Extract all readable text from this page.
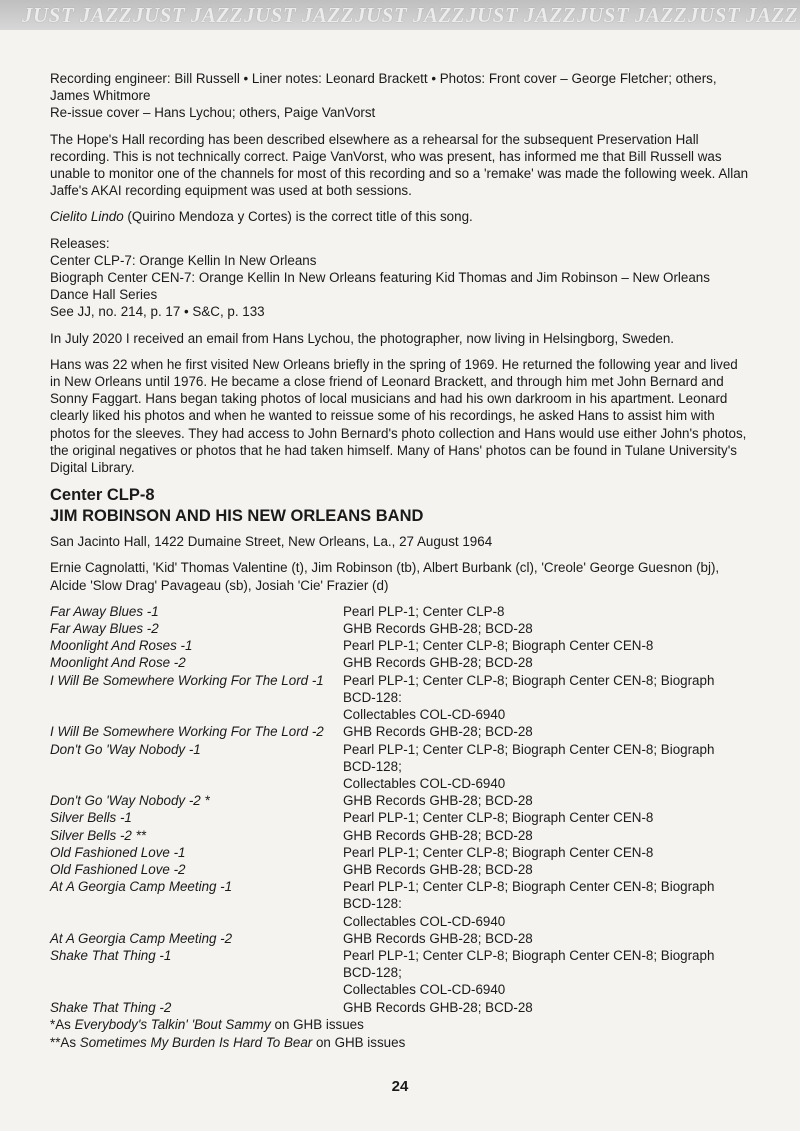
JUST JAZZJUST JAZZJUST JAZZJUST JAZZJUST JAZZJUST JAZZJUST JAZZ

Recording engineer: Bill Russell • Liner notes: Leonard Brackett • Photos: Front cover – George Fletcher; others, James Whitmore

Re-issue cover – Hans Lychou; others, Paige VanVorst

The Hope's Hall recording has been described elsewhere as a rehearsal for the subsequent Preservation Hall recording. This is not technically correct. Paige VanVorst, who was present, has informed me that Bill Russell was unable to monitor one of the channels for most of this recording and so a 'remake' was made the following week. Allan Jaffe's AKAI recording equipment was used at both sessions.

Cielito Lindo (Quirino Mendoza y Cortes) is the correct title of this song.

Releases:

Center CLP-7: Orange Kellin In New Orleans

Biograph Center CEN-7: Orange Kellin In New Orleans featuring Kid Thomas and Jim Robinson – New Orleans Dance Hall Series

See JJ, no. 214, p. 17 • S&C, p. 133

In July 2020 I received an email from Hans Lychou, the photographer, now living in Helsingborg, Sweden.

Hans was 22 when he first visited New Orleans briefly in the spring of 1969. He returned the following year and lived in New Orleans until 1976. He became a close friend of Leonard Brackett, and through him met John Bernard and Sonny Faggart. Hans began taking photos of local musicians and had his own darkroom in his apartment. Leonard clearly liked his photos and when he wanted to reissue some of his recordings, he asked Hans to assist him with photos for the sleeves. They had access to John Bernard's photo collection and Hans would use either John's photos, the original negatives or photos that he had taken himself. Many of Hans' photos can be found in Tulane University's Digital Library.

Center CLP-8
JIM ROBINSON AND HIS NEW ORLEANS BAND

San Jacinto Hall, 1422 Dumaine Street, New Orleans, La., 27 August 1964

Ernie Cagnolatti, 'Kid' Thomas Valentine (t), Jim Robinson (tb), Albert Burbank (cl), 'Creole' George Guesnon (bj), Alcide 'Slow Drag' Pavageau (sb), Josiah 'Cie' Frazier (d)

Far Away Blues -1	Pearl PLP-1; Center CLP-8
Far Away Blues -2	GHB Records GHB-28; BCD-28
Moonlight And Roses -1	Pearl PLP-1; Center CLP-8; Biograph Center CEN-8
Moonlight And Rose -2	GHB Records GHB-28; BCD-28
I Will Be Somewhere Working For The Lord -1	Pearl PLP-1; Center CLP-8; Biograph Center CEN-8; Biograph BCD-128:
Collectables COL-CD-6940
I Will Be Somewhere Working For The Lord -2	GHB Records GHB-28; BCD-28
Don't Go 'Way Nobody -1	Pearl PLP-1; Center CLP-8; Biograph Center CEN-8; Biograph BCD-128;
Collectables COL-CD-6940
Don't Go 'Way Nobody -2 *	GHB Records GHB-28; BCD-28
Silver Bells -1	Pearl PLP-1; Center CLP-8; Biograph Center CEN-8
Silver Bells -2 **	GHB Records GHB-28; BCD-28
Old Fashioned Love -1	Pearl PLP-1; Center CLP-8; Biograph Center CEN-8
Old Fashioned Love -2	GHB Records GHB-28; BCD-28
At A Georgia Camp Meeting -1	Pearl PLP-1; Center CLP-8; Biograph Center CEN-8; Biograph BCD-128:
Collectables COL-CD-6940
At A Georgia Camp Meeting -2	GHB Records GHB-28; BCD-28
Shake That Thing -1	Pearl PLP-1; Center CLP-8; Biograph Center CEN-8; Biograph BCD-128;
Collectables COL-CD-6940
Shake That Thing -2	GHB Records GHB-28; BCD-28
*As Everybody's Talkin' 'Bout Sammy on GHB issues
**As Sometimes My Burden Is Hard To Bear on GHB issues
24
